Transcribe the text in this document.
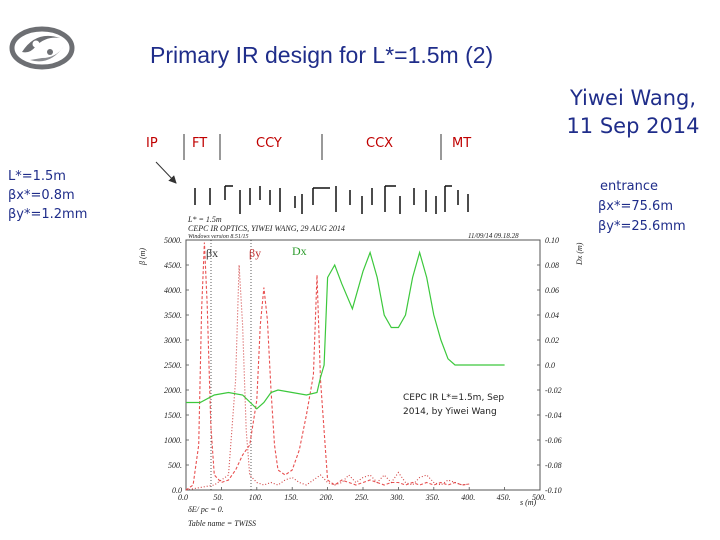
Primary IR design for L*=1.5m (2)
Yiwei Wang,
11 Sep 2014
L*=1.5m
βx*=0.8m
βy*=1.2mm
entrance
βx*=75.6m
βy*=25.6mm
IP	FT	CCY	CCX	MT
L* = 1.5m
CEPC IR OPTICS, YIWEI WANG, 29 AUG 2014
Windows version 8.51/15	11/09/14 09.18.28
δE/ pc = 0.
Table name = TWISS
s (m)
β (m)	Dx (m)
βx	βy	Dx
0.0	50.	100.	150.	200.	250.	300.	350.	400.	450.	500.
0.0
500.
1000.
1500.
2000.
2500.
3000.
3500.
4000.
4500.
5000.
-0.10
-0.08
-0.06
-0.04
-0.02
0.0
0.02
0.04
0.06
0.08
0.10
CEPC IR L*=1.5m, Sep
2014, by Yiwei Wang
